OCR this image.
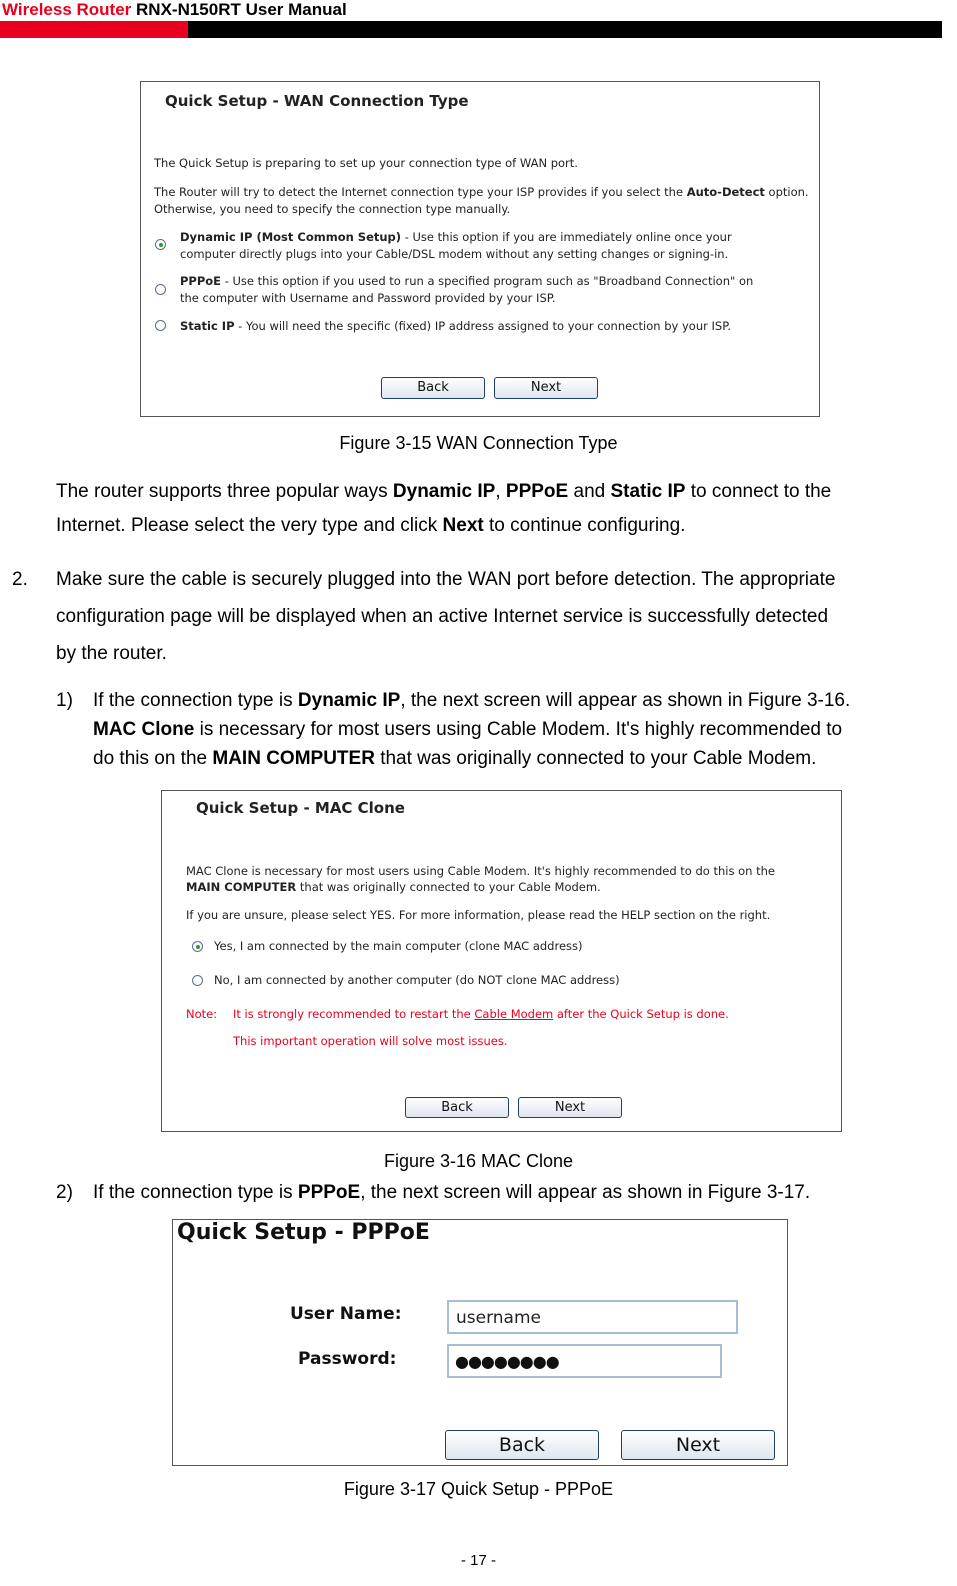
Wireless Router RNX-N150RT User Manual
Quick Setup - WAN Connection Type
The Quick Setup is preparing to set up your connection type of WAN port.
The Router will try to detect the Internet connection type your ISP provides if you select the Auto-Detect option.
Otherwise, you need to specify the connection type manually.
Dynamic IP (Most Common Setup) - Use this option if you are immediately online once your
computer directly plugs into your Cable/DSL modem without any setting changes or signing-in.
PPPoE - Use this option if you used to run a specified program such as "Broadband Connection" on
the computer with Username and Password provided by your ISP.
Static IP - You will need the specific (fixed) IP address assigned to your connection by your ISP.
Back	Next
Figure 3-15 WAN Connection Type
The router supports three popular ways Dynamic IP, PPPoE and Static IP to connect to the
Internet. Please select the very type and click Next to continue configuring.
2. Make sure the cable is securely plugged into the WAN port before detection. The appropriate
configuration page will be displayed when an active Internet service is successfully detected
by the router.
1) If the connection type is Dynamic IP, the next screen will appear as shown in Figure 3-16.
MAC Clone is necessary for most users using Cable Modem. It's highly recommended to
do this on the MAIN COMPUTER that was originally connected to your Cable Modem.
Quick Setup - MAC Clone
MAC Clone is necessary for most users using Cable Modem. It's highly recommended to do this on the
MAIN COMPUTER that was originally connected to your Cable Modem.
If you are unsure, please select YES. For more information, please read the HELP section on the right.
Yes, I am connected by the main computer (clone MAC address)
No, I am connected by another computer (do NOT clone MAC address)
Note: It is strongly recommended to restart the Cable Modem after the Quick Setup is done.
This important operation will solve most issues.
Back	Next
Figure 3-16 MAC Clone
2) If the connection type is PPPoE, the next screen will appear as shown in Figure 3-17.
Quick Setup - PPPoE
User Name:	username
Password:	●●●●●●●●
Back	Next
Figure 3-17 Quick Setup - PPPoE
- 17 -
